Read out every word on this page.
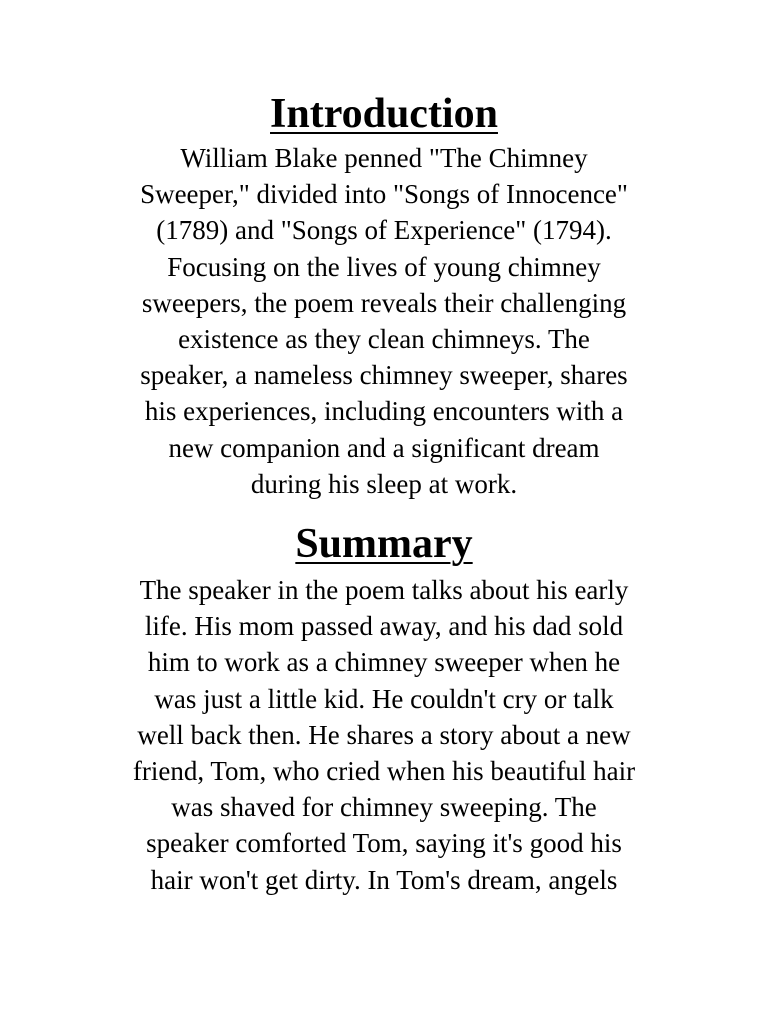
Introduction

William Blake penned "The Chimney
Sweeper," divided into "Songs of Innocence"
(1789) and "Songs of Experience" (1794).
Focusing on the lives of young chimney
sweepers, the poem reveals their challenging
existence as they clean chimneys. The
speaker, a nameless chimney sweeper, shares
his experiences, including encounters with a
new companion and a significant dream
during his sleep at work.

Summary

The speaker in the poem talks about his early
life. His mom passed away, and his dad sold
him to work as a chimney sweeper when he
was just a little kid. He couldn't cry or talk
well back then. He shares a story about a new
friend, Tom, who cried when his beautiful hair
was shaved for chimney sweeping. The
speaker comforted Tom, saying it's good his
hair won't get dirty. In Tom's dream, angels
